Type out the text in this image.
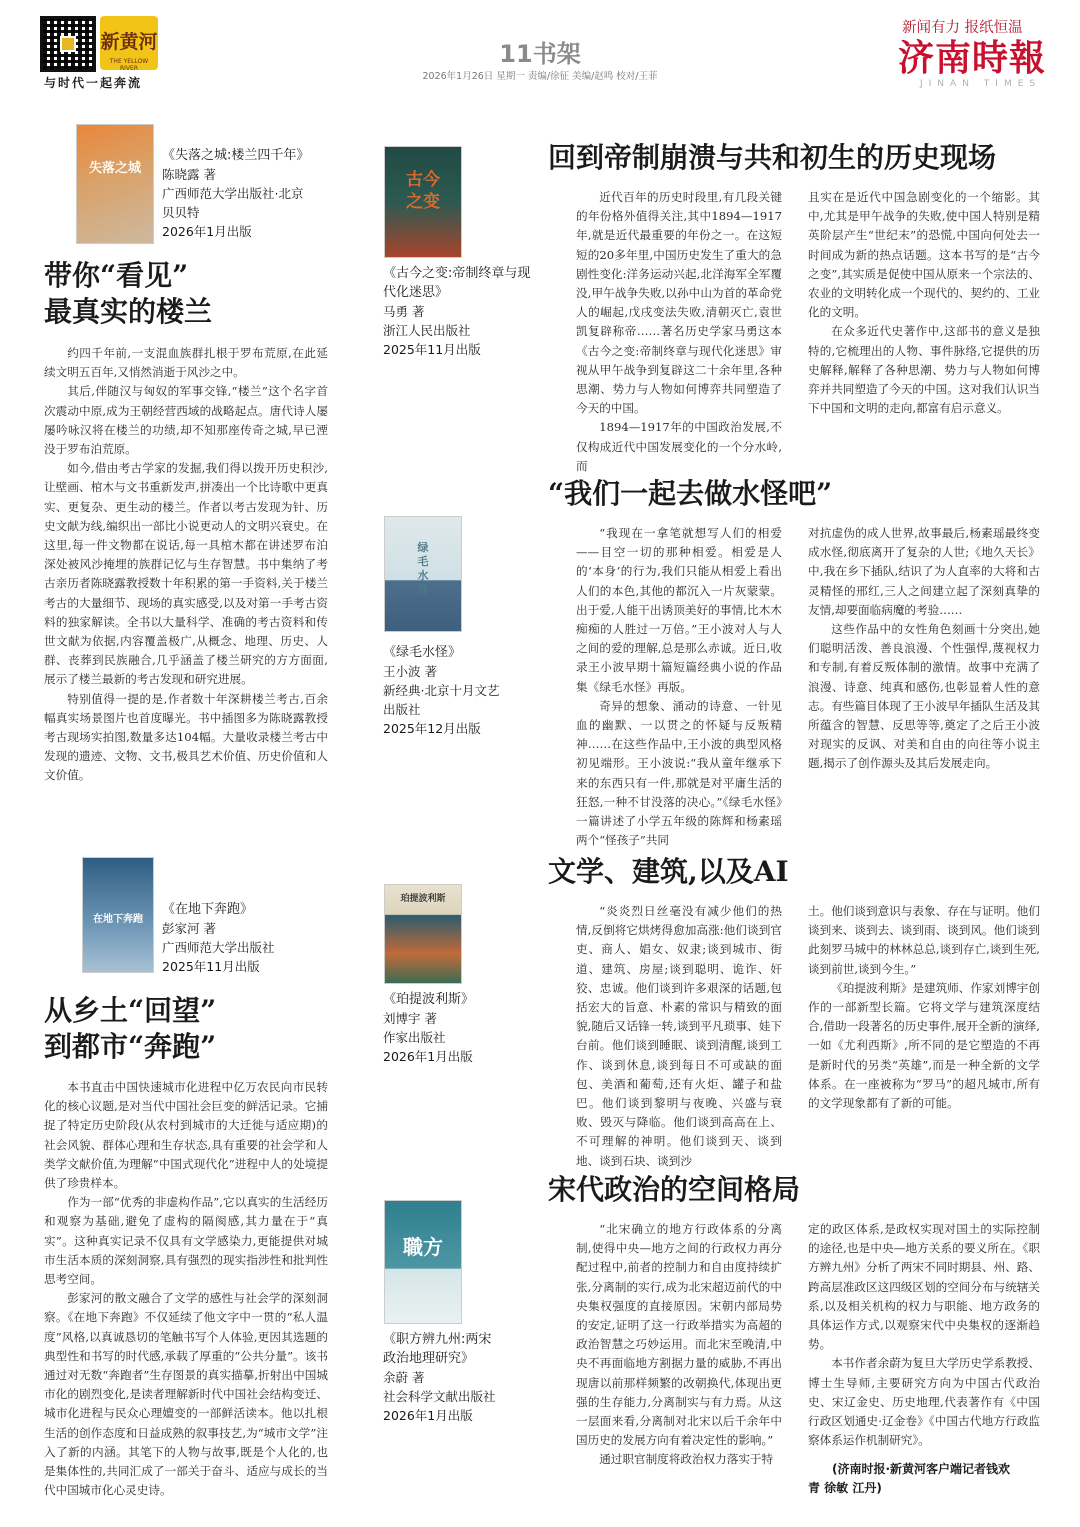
新黄河
THE YELLOW RIVER
与时代一起奔流
11书架
2026年1月26日 星期一 责编/徐征 美编/赵鸣 校对/王菲
新闻有力 报纸恒温
济南時報
JINAN TIMES
失落之城
《失落之城:楼兰四千年》
陈晓露 著
广西师范大学出版社·北京
贝贝特
2026年1月出版
带你“看见”
最真实的楼兰

约四千年前,一支混血族群扎根于罗布荒原,在此延续文明五百年,又悄然消逝于风沙之中。

其后,伴随汉与匈奴的军事交锋,“楼兰”这个名字首次震动中原,成为王朝经营西域的战略起点。唐代诗人屡屡吟咏汉将在楼兰的功绩,却不知那座传奇之城,早已湮没于罗布泊荒原。

如今,借由考古学家的发掘,我们得以拨开历史积沙,让壁画、棺木与文书重新发声,拼凑出一个比诗歌中更真实、更复杂、更生动的楼兰。作者以考古发现为针、历史文献为线,编织出一部比小说更动人的文明兴衰史。在这里,每一件文物都在说话,每一具棺木都在讲述罗布泊深处被风沙掩埋的族群记忆与生存智慧。书中集纳了考古亲历者陈晓露教授数十年积累的第一手资料,关于楼兰考古的大量细节、现场的真实感受,以及对第一手考古资料的独家解读。全书以大量科学、准确的考古资料和传世文献为依据,内容覆盖极广,从概念、地理、历史、人群、丧葬到民族融合,几乎涵盖了楼兰研究的方方面面,展示了楼兰最新的考古发现和研究进展。

特别值得一提的是,作者数十年深耕楼兰考古,百余幅真实场景图片也首度曝光。书中插图多为陈晓露教授考古现场实拍图,数量多达104幅。大量收录楼兰考古中发现的遗迹、文物、文书,极具艺术价值、历史价值和人文价值。

在地下奔跑
《在地下奔跑》
彭家河 著
广西师范大学出版社
2025年11月出版
从乡土“回望”
到都市“奔跑”

本书直击中国快速城市化进程中亿万农民向市民转化的核心议题,是对当代中国社会巨变的鲜活记录。它捕捉了特定历史阶段(从农村到城市的大迁徙与适应期)的社会风貌、群体心理和生存状态,具有重要的社会学和人类学文献价值,为理解“中国式现代化”进程中人的处境提供了珍贵样本。

作为一部“优秀的非虚构作品”,它以真实的生活经历和观察为基础,避免了虚构的隔阂感,其力量在于“真实”。这种真实记录不仅具有文学感染力,更能提供对城市生活本质的深刻洞察,具有强烈的现实指涉性和批判性思考空间。

彭家河的散文融合了文学的感性与社会学的深刻洞察。《在地下奔跑》不仅延续了他文字中一贯的“私人温度”风格,以真诚恳切的笔触书写个人体验,更因其选题的典型性和书写的时代感,承载了厚重的“公共分量”。该书通过对无数“奔跑者”生存图景的真实描摹,折射出中国城市化的剧烈变化,是读者理解新时代中国社会结构变迁、城市化进程与民众心理嬗变的一部鲜活读本。他以扎根生活的创作态度和日益成熟的叙事技艺,为“城市文学”注入了新的内涵。其笔下的人物与故事,既是个人化的,也是集体性的,共同汇成了一部关于奋斗、适应与成长的当代中国城市化心灵史诗。

古今之变
《古今之变:帝制终章与现
代化迷思》
马勇 著
浙江人民出版社
2025年11月出版
绿毛水怪
《绿毛水怪》
王小波 著
新经典·北京十月文艺
出版社
2025年12月出版
珀提波利斯
《珀提波利斯》
刘博宇 著
作家出版社
2026年1月出版
職方
《职方辨九州:两宋
政治地理研究》
余蔚 著
社会科学文献出版社
2026年1月出版
回到帝制崩溃与共和初生的历史现场

近代百年的历史时段里,有几段关键的年份格外值得关注,其中1894—1917年,就是近代最重要的年份之一。在这短短的20多年里,中国历史发生了重大的急剧性变化:洋务运动兴起,北洋海军全军覆没,甲午战争失败,以孙中山为首的革命党人的崛起,戊戌变法失败,清朝灭亡,袁世凯复辟称帝……著名历史学家马勇这本《古今之变:帝制终章与现代化迷思》审视从甲午战争到复辟这二十余年里,各种思潮、势力与人物如何博弈共同塑造了今天的中国。

1894—1917年的中国政治发展,不仅构成近代中国发展变化的一个分水岭,而

且实在是近代中国急剧变化的一个缩影。其中,尤其是甲午战争的失败,使中国人特别是精英阶层产生“世纪末”的恐慌,中国向何处去一时间成为新的热点话题。这本书写的是“古今之变”,其实质是促使中国从原来一个宗法的、农业的文明转化成一个现代的、契约的、工业化的文明。

在众多近代史著作中,这部书的意义是独特的,它梳理出的人物、事件脉络,它提供的历史解释,解释了各种思潮、势力与人物如何博弈并共同塑造了今天的中国。这对我们认识当下中国和文明的走向,都富有启示意义。

“我们一起去做水怪吧”

“我现在一拿笔就想写人们的相爱——目空一切的那种相爱。相爱是人的‘本身’的行为,我们只能从相爱上看出人们的本色,其他的都沉入一片灰蒙蒙。出于爱,人能干出诱顶美好的事情,比木木痴痴的人胜过一万倍。”王小波对人与人之间的爱的理解,总是那么赤诚。近日,收录王小波早期十篇短篇经典小说的作品集《绿毛水怪》再版。

奇异的想象、涌动的诗意、一针见血的幽默、一以贯之的怀疑与反叛精神……在这些作品中,王小波的典型风格初见端形。王小波说:“我从童年继承下来的东西只有一件,那就是对平庸生活的狂怒,一种不甘没落的决心。”《绿毛水怪》一篇讲述了小学五年级的陈辉和杨素瑶两个“怪孩子”共同

对抗虚伪的成人世界,故事最后,杨素瑶最终变成水怪,彻底离开了复杂的人世;《地久天长》中,我在乡下插队,结识了为人直率的大将和古灵精怪的邢红,三人之间建立起了深刻真挚的友情,却要面临病魔的考验……

这些作品中的女性角色刻画十分突出,她们聪明活泼、善良浪漫、个性强悍,蔑视权力和专制,有着反叛体制的激情。故事中充满了浪漫、诗意、纯真和感伤,也彰显着人性的意志。有些篇目体现了王小波早年插队生活及其所蕴含的智慧、反思等等,奠定了之后王小波对现实的反讽、对美和自由的向往等小说主题,揭示了创作源头及其后发展走向。

文学、建筑,以及AI

“炎炎烈日丝毫没有减少他们的热情,反倒将它烘烤得愈加高涨:他们谈到官吏、商人、娼女、奴隶;谈到城市、街道、建筑、房屋;谈到聪明、诡诈、奸狡、忠诚。他们谈到许多艰深的话题,包括宏大的旨意、朴素的常识与精致的面貌,随后又话锋一转,谈到平凡琐事、娃下台前。他们谈到睡眠、谈到清醒,谈到工作、谈到休息,谈到每日不可或缺的面包、美酒和葡萄,还有火炬、罐子和盐巴。他们谈到黎明与夜晚、兴盛与衰败、毁灭与降临。他们谈到高高在上、不可理解的神明。他们谈到天、谈到地、谈到石块、谈到沙

土。他们谈到意识与表象、存在与证明。他们谈到来、谈到去、谈到雨、谈到风。他们谈到此刻罗马城中的林林总总,谈到存亡,谈到生死,谈到前世,谈到今生。”

《珀提波利斯》是建筑师、作家刘博宇创作的一部新型长篇。它将文学与建筑深度结合,借助一段著名的历史事件,展开全新的演绎,一如《尤利西斯》,所不同的是它塑造的不再是新时代的另类“英雄”,而是一种全新的文学体系。在一座被称为“罗马”的超凡城市,所有的文学现象都有了新的可能。

宋代政治的空间格局

“北宋确立的地方行政体系的分离制,使得中央—地方之间的行政权力再分配过程中,前者的控制力和自由度持续扩张,分离制的实行,成为北宋超迈前代的中央集权强度的直接原因。宋朝内部局势的安定,证明了这一行政举措实为高超的政治智慧之巧妙运用。而北宋至晚清,中央不再面临地方割据力量的威胁,不再出现唐以前那样频繁的改朝换代,体现出更强的生存能力,分离制实与有力焉。从这一层面来看,分离制对北宋以后千余年中国历史的发展方向有着决定性的影响。”

通过职官制度将政治权力落实于特

定的政区体系,是政权实现对国土的实际控制的途径,也是中央—地方关系的要义所在。《职方辨九州》分析了两宋不同时期县、州、路、跨高层准政区这四级区划的空间分布与统辖关系,以及相关机构的权力与职能、地方政务的具体运作方式,以观察宋代中央集权的逐渐趋势。

本书作者余蔚为复旦大学历史学系教授、博士生导师,主要研究方向为中国古代政治史、宋辽金史、历史地理,代表著作有《中国行政区划通史·辽金卷》《中国古代地方行政监察体系运作机制研究》。

(济南时报·新黄河客户端记者钱欢
青 徐敏 江丹)
